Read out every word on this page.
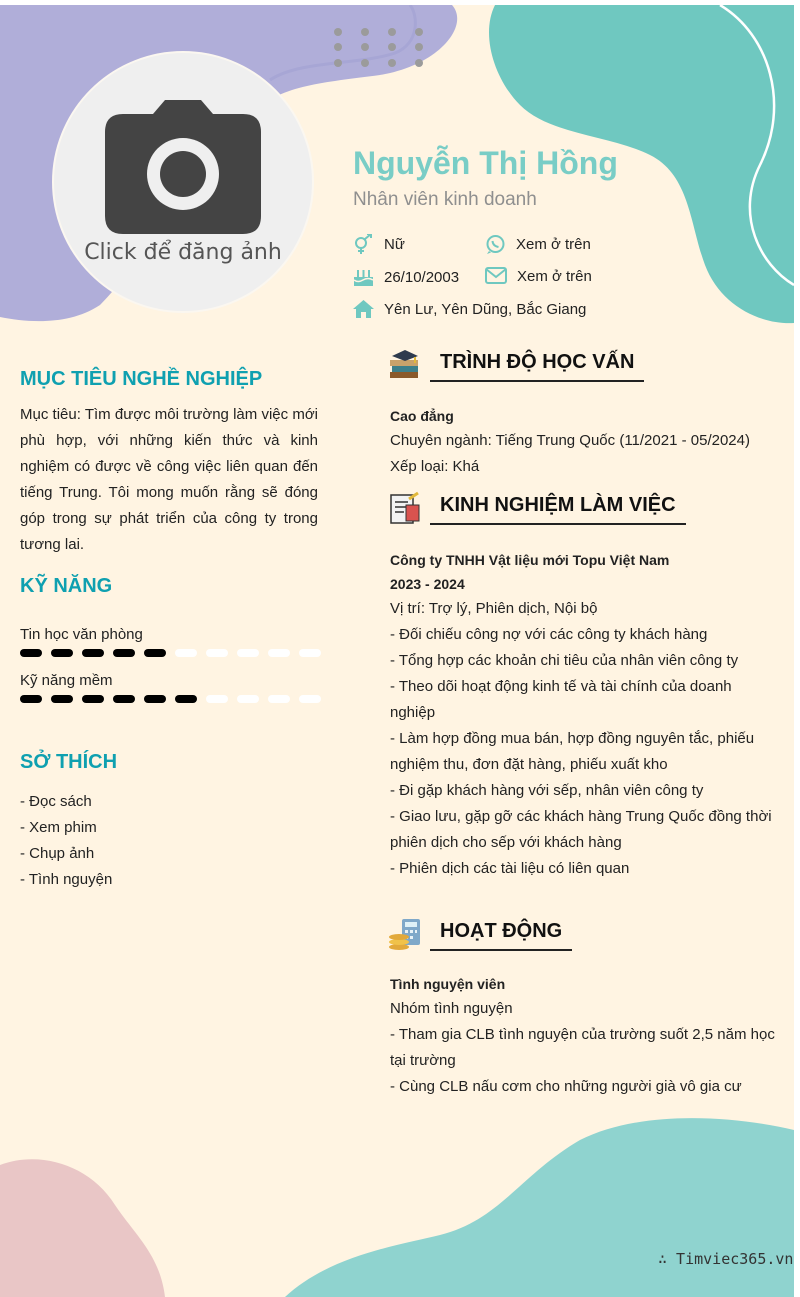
Click để đăng ảnh
Nguyễn Thị Hồng
Nhân viên kinh doanh
Nữ	Xem ở trên
26/10/2003	Xem ở trên
Yên Lư, Yên Dũng, Bắc Giang
MỤC TIÊU NGHỀ NGHIỆP
Mục tiêu: Tìm được môi trường làm việc mới phù hợp, với những kiến thức và kinh nghiệm có được về công việc liên quan đến tiếng Trung. Tôi mong muốn rằng sẽ đóng góp trong sự phát triển của công ty trong tương lai.
KỸ NĂNG
Tin học văn phòng
Kỹ năng mềm
SỞ THÍCH
- Đọc sách
- Xem phim
- Chụp ảnh
- Tình nguyện
TRÌNH ĐỘ HỌC VẤN
Cao đẳng
Chuyên ngành: Tiếng Trung Quốc (11/2021 - 05/2024)
Xếp loại: Khá
KINH NGHIỆM LÀM VIỆC
Công ty TNHH Vật liệu mới Topu Việt Nam
2023 - 2024
Vị trí: Trợ lý, Phiên dịch, Nội bộ
- Đối chiếu công nợ với các công ty khách hàng
- Tổng hợp các khoản chi tiêu của nhân viên công ty
- Theo dõi hoạt động kinh tế và tài chính của doanh nghiệp
- Làm hợp đồng mua bán, hợp đồng nguyên tắc, phiếu nghiệm thu, đơn đặt hàng, phiếu xuất kho
- Đi gặp khách hàng với sếp, nhân viên công ty
- Giao lưu, gặp gỡ các khách hàng Trung Quốc đồng thời phiên dịch cho sếp với khách hàng
- Phiên dịch các tài liệu có liên quan
HOẠT ĐỘNG
Tình nguyện viên
Nhóm tình nguyện
- Tham gia CLB tình nguyện của trường suốt 2,5 năm học tại trường
- Cùng CLB nấu cơm cho những người già vô gia cư
∴ Timviec365.vn
